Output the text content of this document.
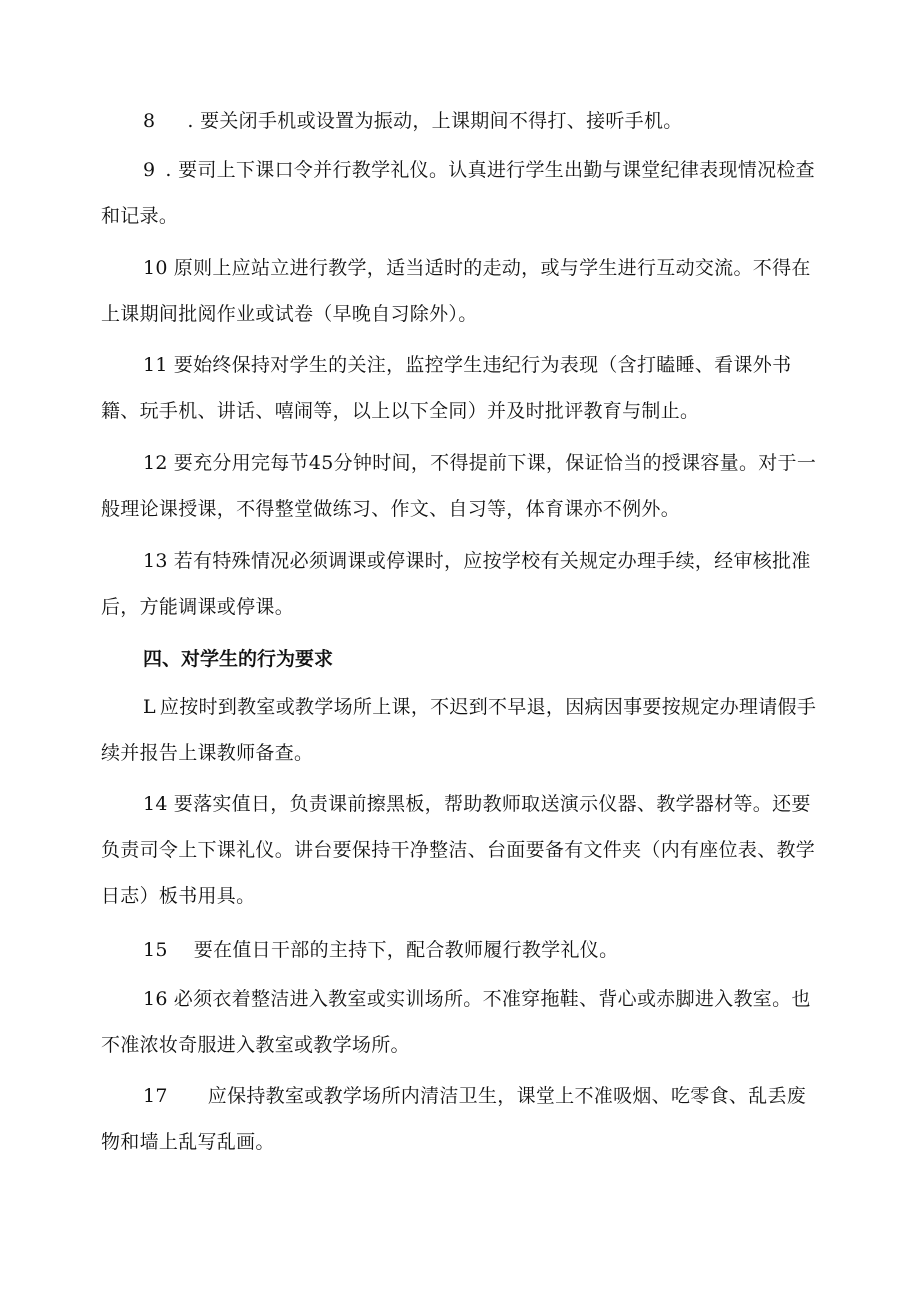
8 . 要关闭手机或设置为振动，上课期间不得打、接听手机。

9 . 要司上下课口令并行教学礼仪。认真进行学生出勤与课堂纪律表现情况检查和记录。

10 原则上应站立进行教学，适当适时的走动，或与学生进行互动交流。不得在上课期间批阅作业或试卷（早晚自习除外）。

11 要始终保持对学生的关注，监控学生违纪行为表现（含打瞌睡、看课外书籍、玩手机、讲话、嘻闹等，以上以下全同）并及时批评教育与制止。

12 要充分用完每节45分钟时间，不得提前下课，保证恰当的授课容量。对于一般理论课授课，不得整堂做练习、作文、自习等，体育课亦不例外。

13 若有特殊情况必须调课或停课时，应按学校有关规定办理手续，经审核批准后，方能调课或停课。

四、对学生的行为要求

L 应按时到教室或教学场所上课，不迟到不早退，因病因事要按规定办理请假手续并报告上课教师备查。

14 要落实值日，负责课前擦黑板，帮助教师取送演示仪器、教学器材等。还要负责司令上下课礼仪。讲台要保持干净整洁、台面要备有文件夹（内有座位表、教学日志）板书用具。

15 要在值日干部的主持下，配合教师履行教学礼仪。

16 必须衣着整洁进入教室或实训场所。不准穿拖鞋、背心或赤脚进入教室。也不准浓妆奇服进入教室或教学场所。

17 应保持教室或教学场所内清洁卫生，课堂上不准吸烟、吃零食、乱丢废物和墙上乱写乱画。
